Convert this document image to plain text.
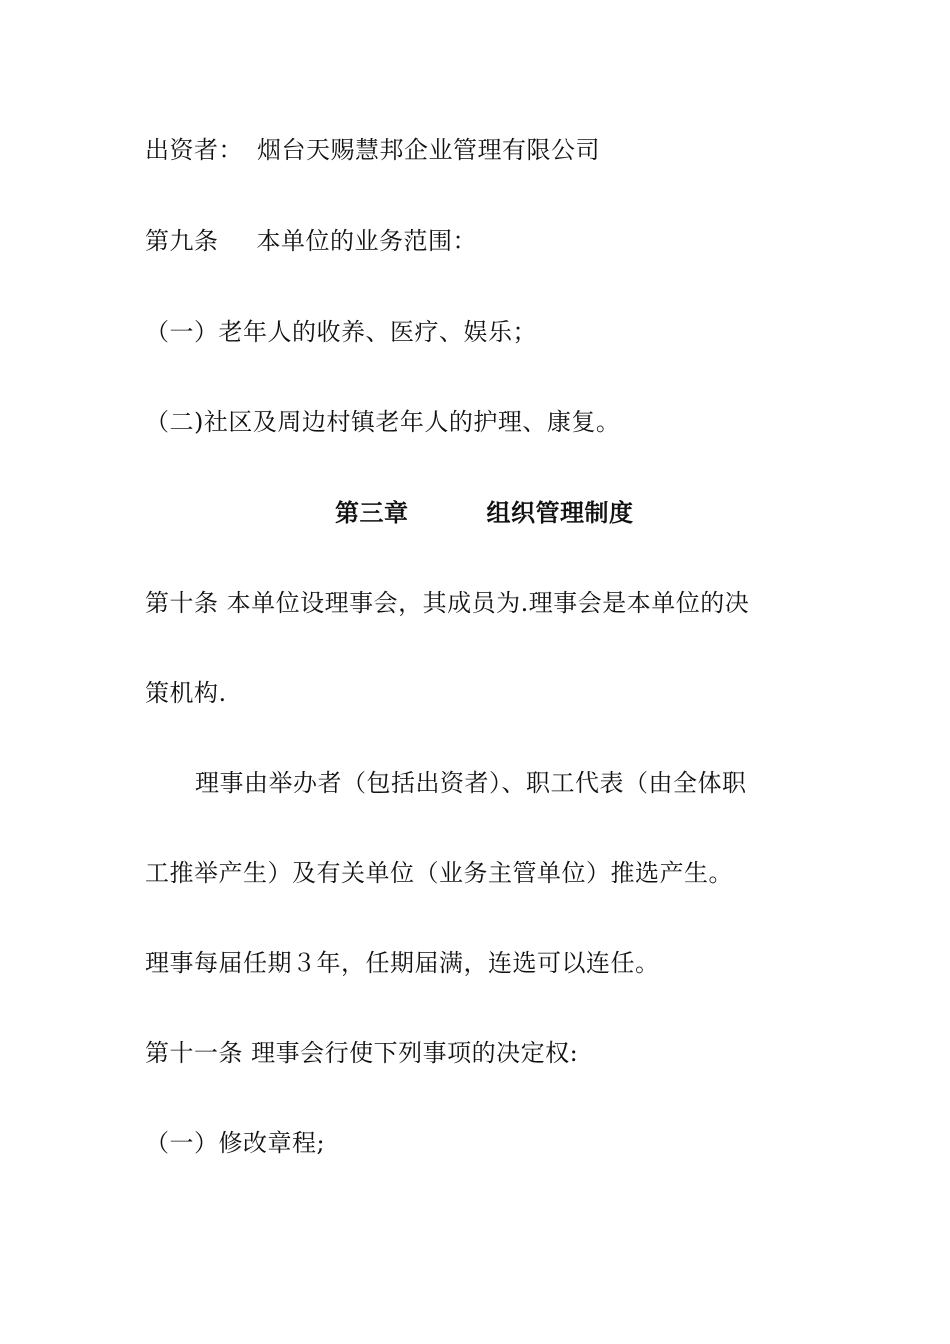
出资者： 烟台天赐慧邦企业管理有限公司
第九条 本单位的业务范围：
（一）老年人的收养、医疗、娱乐；
（二)社区及周边村镇老年人的护理、康复。
第三章	组织管理制度
第十条 本单位设理事会，其成员为.理事会是本单位的决
策机构.
理事由举办者（包括出资者）、职工代表（由全体职
工推举产生）及有关单位（业务主管单位）推选产生。
理事每届任期３年，任期届满，连选可以连任。
第十一条 理事会行使下列事项的决定权:
（一）修改章程;
